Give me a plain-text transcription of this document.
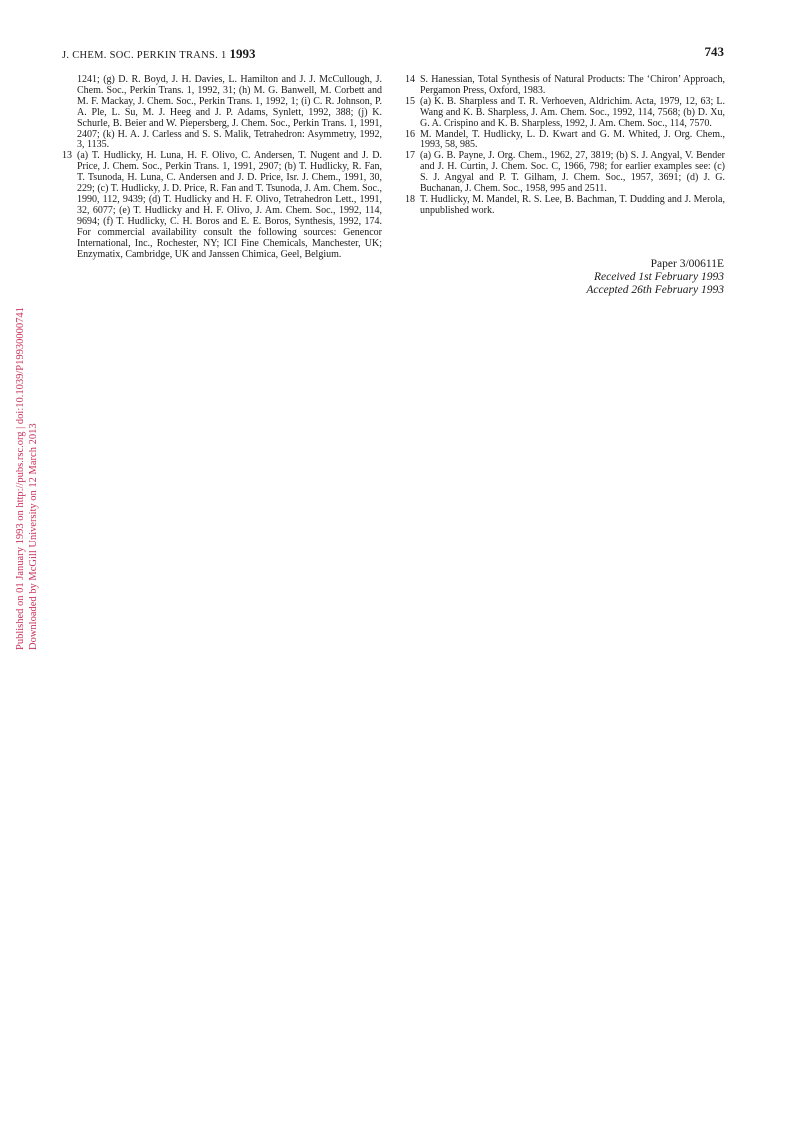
J. CHEM. SOC. PERKIN TRANS. 1 1993	743
1241; (g) D. R. Boyd, J. H. Davies, L. Hamilton and J. J. McCullough, J. Chem. Soc., Perkin Trans. 1, 1992, 31; (h) M. G. Banwell, M. Corbett and M. F. Mackay, J. Chem. Soc., Perkin Trans. 1, 1992, 1; (i) C. R. Johnson, P. A. Ple, L. Su, M. J. Heeg and J. P. Adams, Synlett, 1992, 388; (j) K. Schurle, B. Beier and W. Piepersberg, J. Chem. Soc., Perkin Trans. 1, 1991, 2407; (k) H. A. J. Carless and S. S. Malik, Tetrahedron: Asymmetry, 1992, 3, 1135.
13 (a) T. Hudlicky, H. Luna, H. F. Olivo, C. Andersen, T. Nugent and J. D. Price, J. Chem. Soc., Perkin Trans. 1, 1991, 2907; (b) T. Hudlicky, R. Fan, T. Tsunoda, H. Luna, C. Andersen and J. D. Price, Isr. J. Chem., 1991, 30, 229; (c) T. Hudlicky, J. D. Price, R. Fan and T. Tsunoda, J. Am. Chem. Soc., 1990, 112, 9439; (d) T. Hudlicky and H. F. Olivo, Tetrahedron Lett., 1991, 32, 6077; (e) T. Hudlicky and H. F. Olivo, J. Am. Chem. Soc., 1992, 114, 9694; (f) T. Hudlicky, C. H. Boros and E. E. Boros, Synthesis, 1992, 174. For commercial availability consult the following sources: Genencor International, Inc., Rochester, NY; ICI Fine Chemicals, Manchester, UK; Enzymatix, Cambridge, UK and Janssen Chimica, Geel, Belgium.
14 S. Hanessian, Total Synthesis of Natural Products: The ‘Chiron’ Approach, Pergamon Press, Oxford, 1983.
15 (a) K. B. Sharpless and T. R. Verhoeven, Aldrichim. Acta, 1979, 12, 63; L. Wang and K. B. Sharpless, J. Am. Chem. Soc., 1992, 114, 7568; (b) D. Xu, G. A. Crispino and K. B. Sharpless, 1992, J. Am. Chem. Soc., 114, 7570.
16 M. Mandel, T. Hudlicky, L. D. Kwart and G. M. Whited, J. Org. Chem., 1993, 58, 985.
17 (a) G. B. Payne, J. Org. Chem., 1962, 27, 3819; (b) S. J. Angyal, V. Bender and J. H. Curtin, J. Chem. Soc. C, 1966, 798; for earlier examples see: (c) S. J. Angyal and P. T. Gilham, J. Chem. Soc., 1957, 3691; (d) J. G. Buchanan, J. Chem. Soc., 1958, 995 and 2511.
18 T. Hudlicky, M. Mandel, R. S. Lee, B. Bachman, T. Dudding and J. Merola, unpublished work.
Paper 3/00611E
Received 1st February 1993
Accepted 26th February 1993
Published on 01 January 1993 on http://pubs.rsc.org | doi:10.1039/P19930000741 Downloaded by McGill University on 12 March 2013
